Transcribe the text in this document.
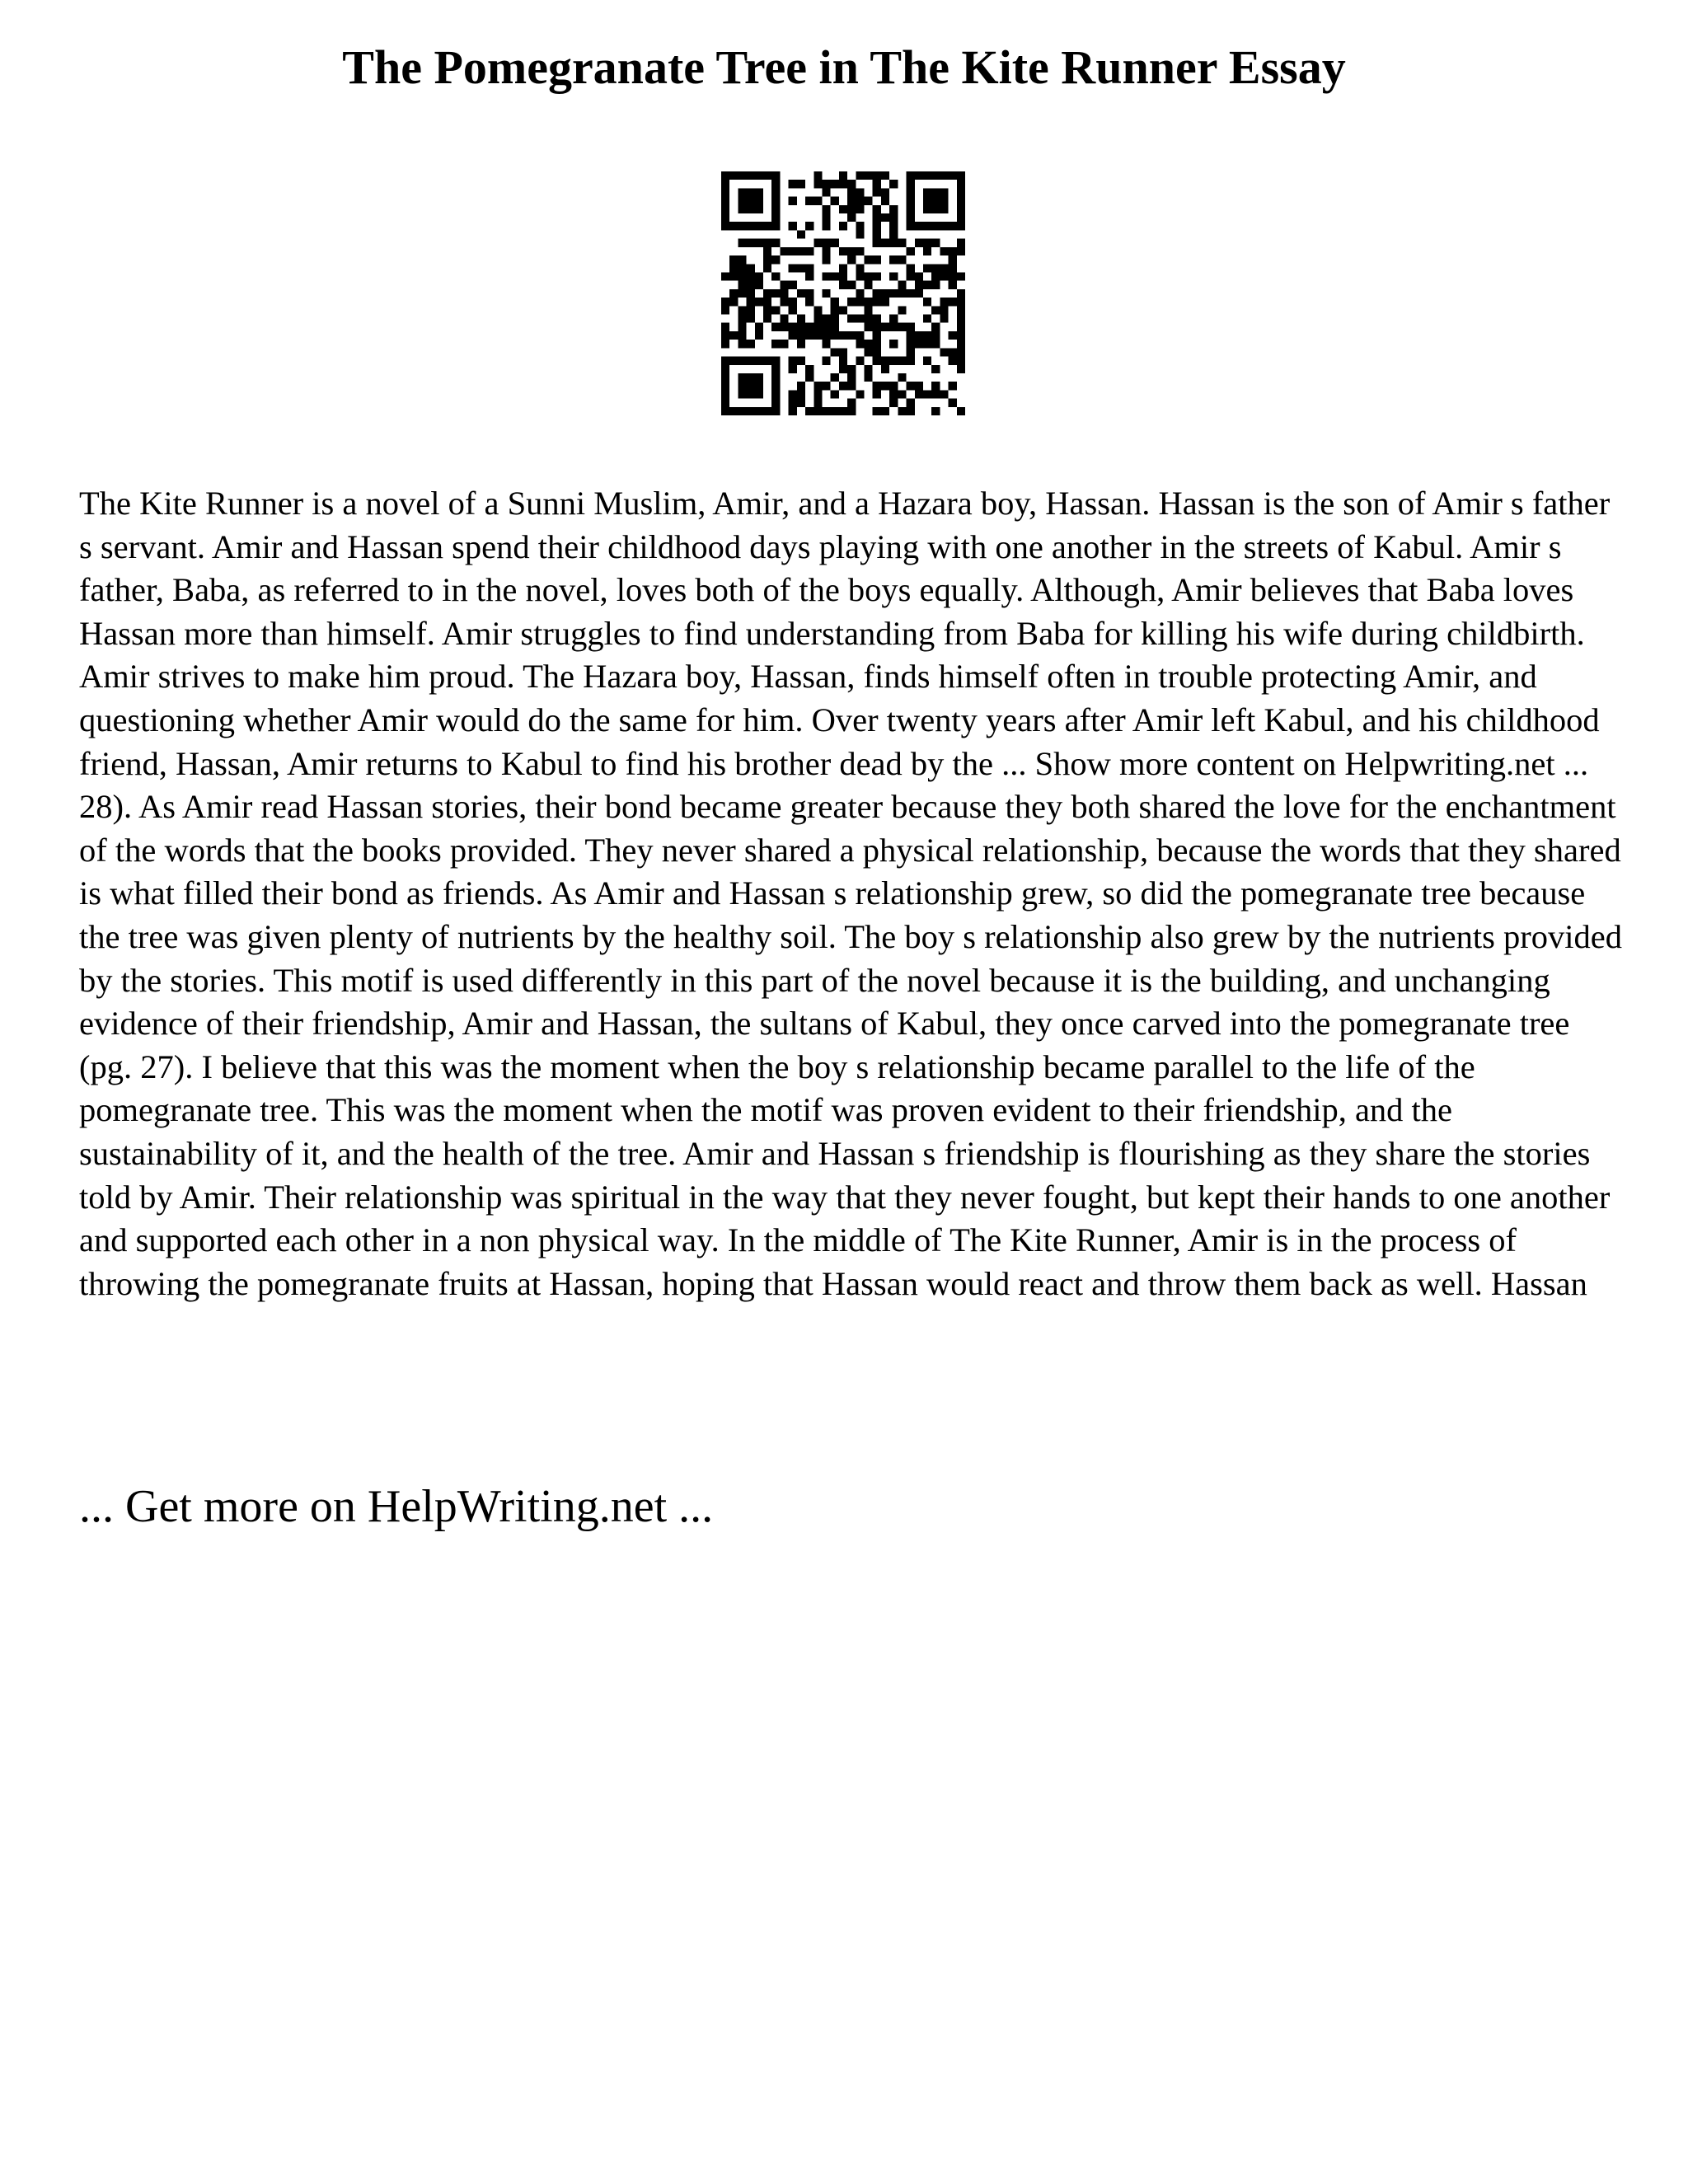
The Pomegranate Tree in The Kite Runner Essay

The Kite Runner is a novel of a Sunni Muslim, Amir, and a Hazara boy, Hassan. Hassan is the son of Amir s father s servant. Amir and Hassan spend their childhood days playing with one another in the streets of Kabul. Amir s father, Baba, as referred to in the novel, loves both of the boys equally. Although, Amir believes that Baba loves Hassan more than himself. Amir struggles to find understanding from Baba for killing his wife during childbirth. Amir strives to make him proud. The Hazara boy, Hassan, finds himself often in trouble protecting Amir, and questioning whether Amir would do the same for him. Over twenty years after Amir left Kabul, and his childhood friend, Hassan, Amir returns to Kabul to find his brother dead by the ... Show more content on Helpwriting.net ... 28). As Amir read Hassan stories, their bond became greater because they both shared the love for the enchantment of the words that the books provided. They never shared a physical relationship, because the words that they shared is what filled their bond as friends. As Amir and Hassan s relationship grew, so did the pomegranate tree because the tree was given plenty of nutrients by the healthy soil. The boy s relationship also grew by the nutrients provided by the stories. This motif is used differently in this part of the novel because it is the building, and unchanging evidence of their friendship, Amir and Hassan, the sultans of Kabul, they once carved into the pomegranate tree (pg. 27). I believe that this was the moment when the boy s relationship became parallel to the life of the pomegranate tree. This was the moment when the motif was proven evident to their friendship, and the sustainability of it, and the health of the tree. Amir and Hassan s friendship is flourishing as they share the stories told by Amir. Their relationship was spiritual in the way that they never fought, but kept their hands to one another and supported each other in a non physical way. In the middle of The Kite Runner, Amir is in the process of throwing the pomegranate fruits at Hassan, hoping that Hassan would react and throw them back as well. Hassan

... Get more on HelpWriting.net ...
